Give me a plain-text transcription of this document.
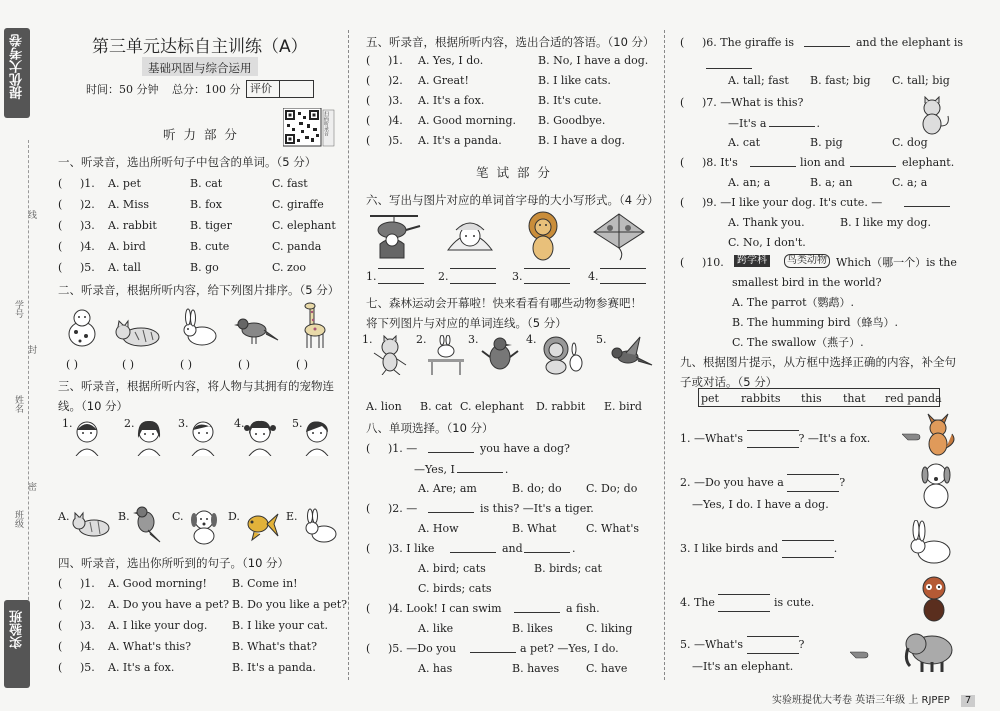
提优大考卷
学号
姓名
班级
线
封
密
实验班
第三单元达标自主训练（A）
基础巩固与综合运用
时间：50 分钟 总分：100 分 评价
扫码听录音
听 力 部 分
一、听录音，选出所听句子中包含的单词。（5 分）
( )1. A. pet	B. cat	C. fast
( )2. A. Miss	B. fox	C. giraffe
( )3. A. rabbit	B. tiger	C. elephant
( )4. A. bird	B. cute	C. panda
( )5. A. tall	B. go	C. zoo
二、听录音，根据所听内容，给下列图片排序。（5 分）
( )	( )	( )	( )	( )
三、听录音，根据所听内容，将人物与其拥有的宠物连
线。（10 分）
1.	2.	3.	4.	5.
A.	B.	C.	D.	E.
四、听录音，选出你所听到的句子。（10 分）
( )1. A. Good morning! B. Come in!
( )2. A. Do you have a pet? B. Do you like a pet?
( )3. A. I like your dog. B. I like your cat.
( )4. A. What's this?	B. What's that?
( )5. A. It's a fox.	B. It's a panda.
五、听录音，根据所听内容，选出合适的答语。（10 分）
( )1. A. Yes, I do.	B. No, I have a dog.
( )2. A. Great!	B. I like cats.
( )3. A. It's a fox.	B. It's cute.
( )4. A. Good morning. B. Goodbye.
( )5. A. It's a panda.	B. I have a dog.
笔 试 部 分
六、写出与图片对应的单词首字母的大小写形式。（4 分）
1.	2.	3.	4.
七、森林运动会开幕啦！快来看看有哪些动物参赛吧！
将下列图片与对应的单词连线。（5 分）
1.	2.	3.	4.	5.
A. lion B. cat C. elephant D. rabbit E. bird
八、单项选择。（10 分）
( )1. —	you have a dog?
—Yes, I	.
A. Are; am	B. do; do C. Do; do
( )2. —	is this? —It's a tiger.
A. How	B. What	C. What's
( )3. I like	and	.
A. bird; cats	B. birds; cat
C. birds; cats
( )4. Look! I can swim	a fish.
A. like	B. likes	C. liking
( )5. —Do you	a pet? —Yes, I do.
A. has	B. haves C. have
( )6. The giraffe is	and the elephant is
A. tall; fast B. fast; big C. tall; big
( )7. —What is this?
—It's a	.
A. cat	B. pig	C. dog
( )8. It's	lion and	elephant.
A. an; a	B. a; an	C. a; a
( )9. —I like your dog. It's cute. —
A. Thank you.	B. I like my dog.
C. No, I don't.
( )10.	跨学科	鸟类动物 Which（哪一个）is the
smallest bird in the world?
A. The parrot（鹦鹉）.
B. The humming bird（蜂鸟）.
C. The swallow（燕子）.
九、根据图片提示，从方框中选择正确的内容，补全句
子或对话。（5 分）
pet rabbits this that red panda
1. —What's	? —It's a fox.
2. —Do you have a	?
—Yes, I do. I have a dog.
3. I like birds and	.
4. The	is cute.
5. —What's	?
—It's an elephant.
实验班提优大考卷 英语三年级 上 RJPEP 7
